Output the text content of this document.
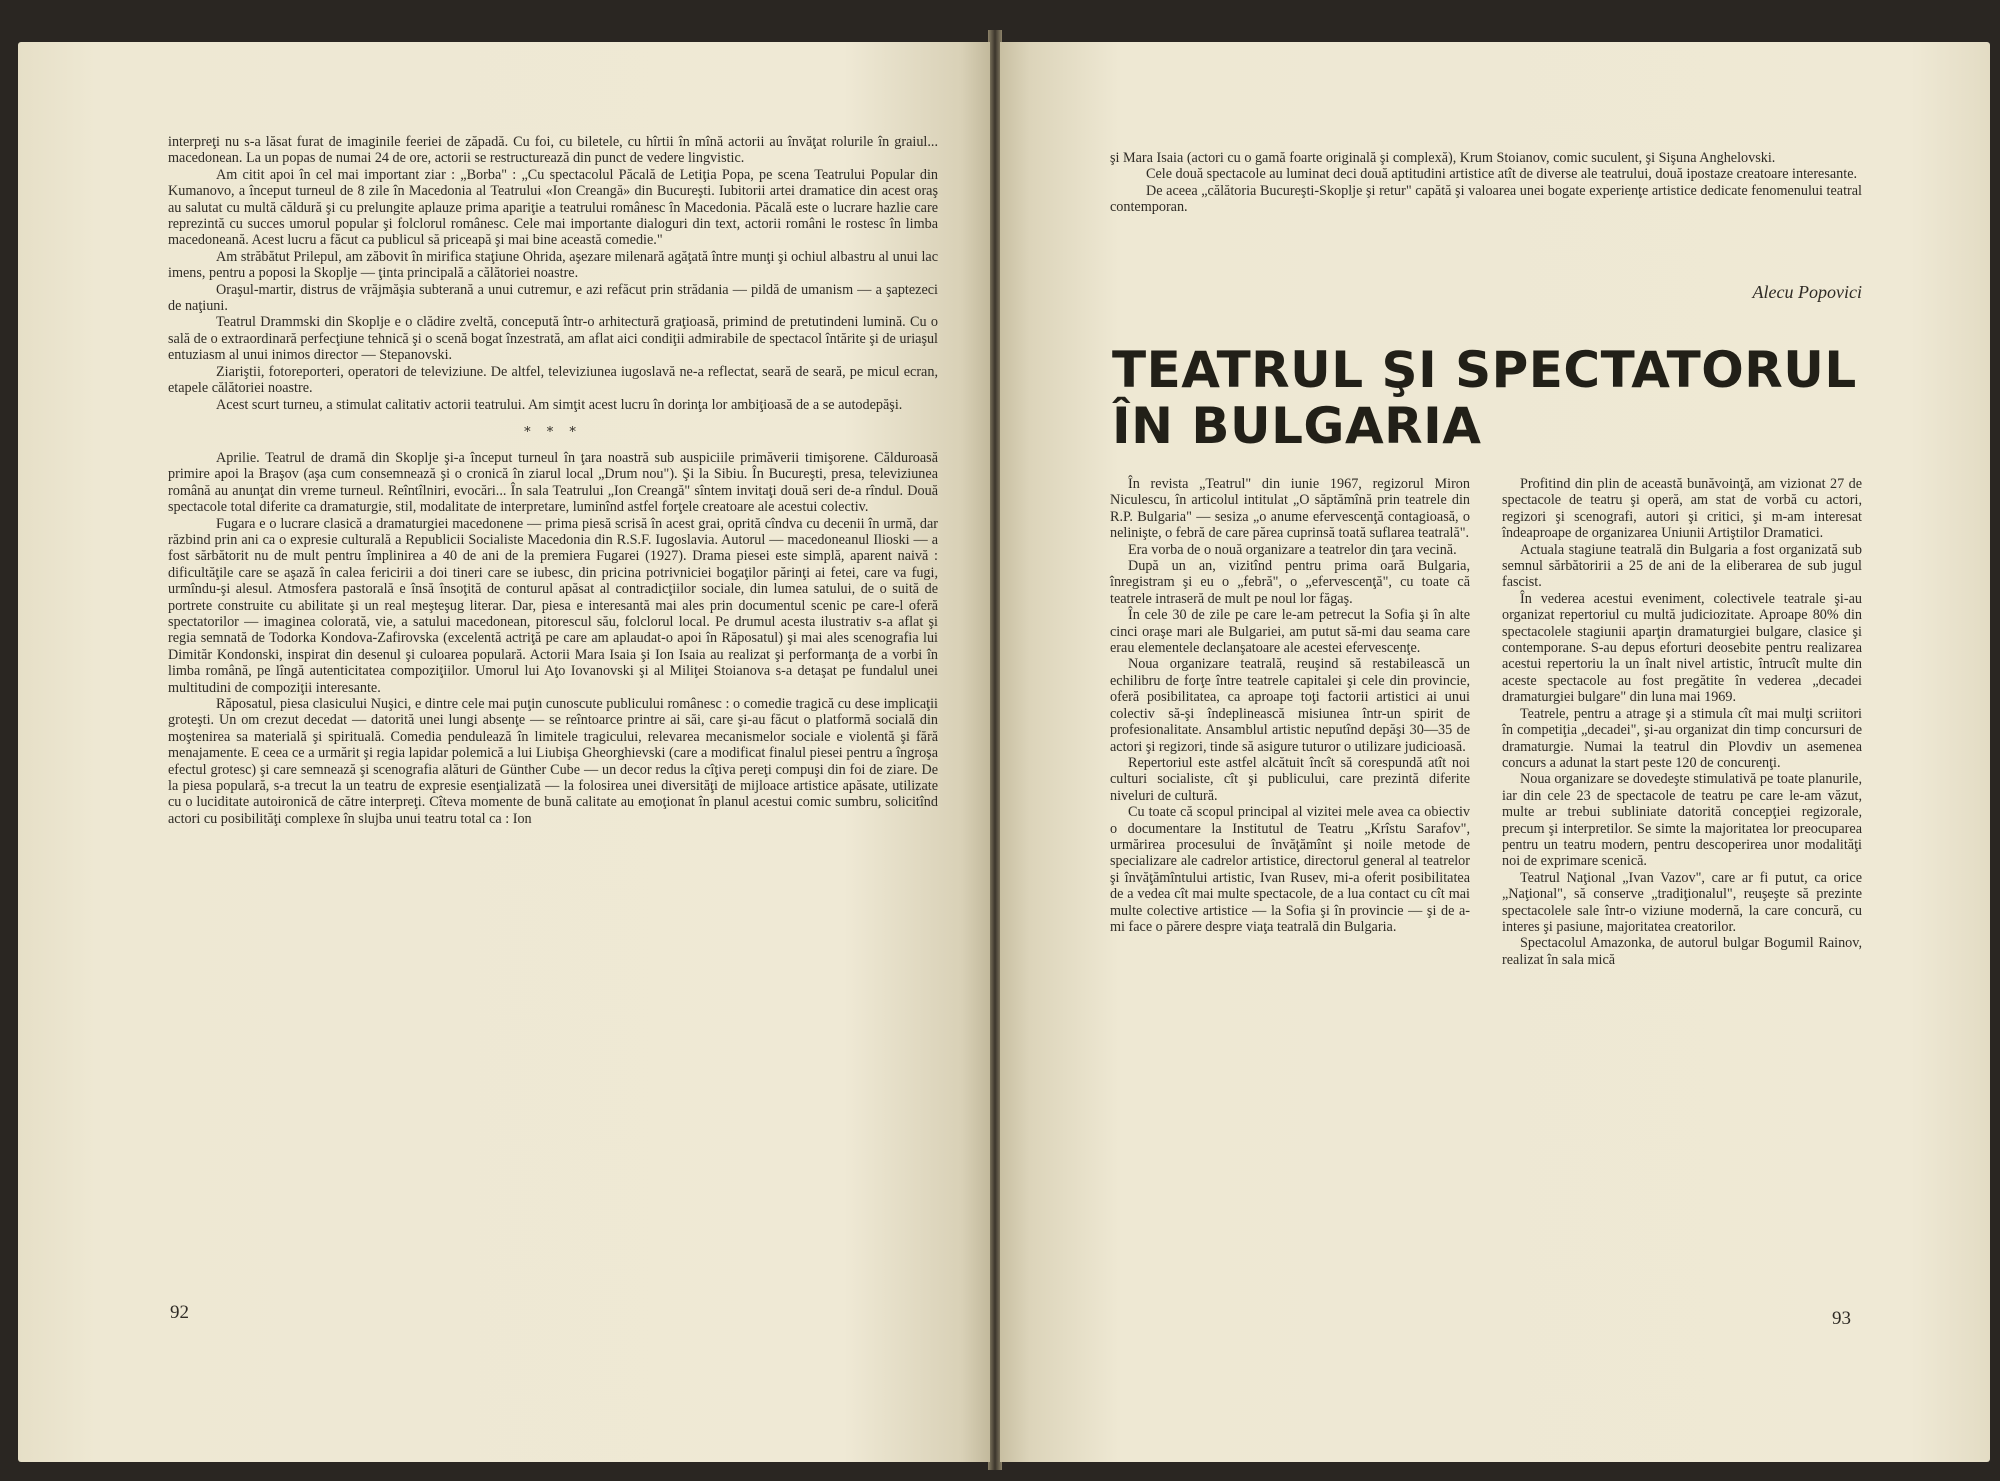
interpreţi nu s-a lăsat furat de imaginile feeriei de zăpadă. Cu foi, cu biletele, cu hîrtii în mînă actorii au învăţat rolurile în graiul... macedonean. La un popas de numai 24 de ore, actorii se restructurează din punct de vedere lingvistic.

Am citit apoi în cel mai important ziar : „Borba" : „Cu spectacolul Păcală de Letiţia Popa, pe scena Teatrului Popular din Kumanovo, a început turneul de 8 zile în Macedonia al Teatrului «Ion Creangă» din Bucureşti. Iubitorii artei dramatice din acest oraş au salutat cu multă căldură şi cu prelungite aplauze prima apariţie a teatrului românesc în Macedonia. Păcală este o lucrare hazlie care reprezintă cu succes umorul popular şi folclorul românesc. Cele mai importante dialoguri din text, actorii români le rostesc în limba macedoneană. Acest lucru a făcut ca publicul să priceapă şi mai bine această comedie."

Am străbătut Prilepul, am zăbovit în mirifica staţiune Ohrida, aşezare milenară agăţată între munţi şi ochiul albastru al unui lac imens, pentru a poposi la Skoplje — ţinta principală a călătoriei noastre.

Oraşul-martir, distrus de vrăjmăşia subterană a unui cutremur, e azi refăcut prin strădania — pildă de umanism — a şaptezeci de naţiuni.

Teatrul Drammski din Skoplje e o clădire zveltă, concepută într-o arhitectură graţioasă, primind de pretutindeni lumină. Cu o sală de o extraordinară perfecţiune tehnică şi o scenă bogat înzestrată, am aflat aici condiţii admirabile de spectacol întărite şi de uriaşul entuziasm al unui inimos director — Stepanovski.

Ziariştii, fotoreporteri, operatori de televiziune. De altfel, televiziunea iugoslavă ne-a reflectat, seară de seară, pe micul ecran, etapele călătoriei noastre.

Acest scurt turneu, a stimulat calitativ actorii teatrului. Am simţit acest lucru în dorinţa lor ambiţioasă de a se autodepăşi.

* * *

Aprilie. Teatrul de dramă din Skoplje şi-a început turneul în ţara noastră sub auspiciile primăverii timişorene. Călduroasă primire apoi la Braşov (aşa cum consemnează şi o cronică în ziarul local „Drum nou"). Şi la Sibiu. În Bucureşti, presa, televiziunea română au anunţat din vreme turneul. Reîntîlniri, evocări... În sala Teatrului „Ion Creangă" sîntem invitaţi două seri de-a rîndul. Două spectacole total diferite ca dramaturgie, stil, modalitate de interpretare, luminînd astfel forţele creatoare ale acestui colectiv.

Fugara e o lucrare clasică a dramaturgiei macedonene — prima piesă scrisă în acest grai, oprită cîndva cu decenii în urmă, dar răzbind prin ani ca o expresie culturală a Republicii Socialiste Macedonia din R.S.F. Iugoslavia. Autorul — macedoneanul Ilioski — a fost sărbătorit nu de mult pentru împlinirea a 40 de ani de la premiera Fugarei (1927). Drama piesei este simplă, aparent naivă : dificultăţile care se aşază în calea fericirii a doi tineri care se iubesc, din pricina potrivniciei bogaţilor părinţi ai fetei, care va fugi, urmîndu-şi alesul. Atmosfera pastorală e însă însoţită de conturul apăsat al contradicţiilor sociale, din lumea satului, de o suită de portrete construite cu abilitate şi un real meşteşug literar. Dar, piesa e interesantă mai ales prin documentul scenic pe care-l oferă spectatorilor — imaginea colorată, vie, a satului macedonean, pitorescul său, folclorul local. Pe drumul acesta ilustrativ s-a aflat şi regia semnată de Todorka Kondova-Zafirovska (excelentă actriţă pe care am aplaudat-o apoi în Răposatul) şi mai ales scenografia lui Dimităr Kondonski, inspirat din desenul şi culoarea populară. Actorii Mara Isaia şi Ion Isaia au realizat şi performanţa de a vorbi în limba română, pe lîngă autenticitatea compoziţiilor. Umorul lui Aţo Iovanovski şi al Miliţei Stoianova s-a detaşat pe fundalul unei multitudini de compoziţii interesante.

Răposatul, piesa clasicului Nuşici, e dintre cele mai puţin cunoscute publicului românesc : o comedie tragică cu dese implicaţii groteşti. Un om crezut decedat — datorită unei lungi absenţe — se reîntoarce printre ai săi, care şi-au făcut o platformă socială din moştenirea sa materială şi spirituală. Comedia pendulează în limitele tragicului, relevarea mecanismelor sociale e violentă şi fără menajamente. E ceea ce a urmărit şi regia lapidar polemică a lui Liubişa Gheorghievski (care a modificat finalul piesei pentru a îngroşa efectul grotesc) şi care semnează şi scenografia alături de Günther Cube — un decor redus la cîţiva pereţi compuşi din foi de ziare. De la piesa populară, s-a trecut la un teatru de expresie esenţializată — la folosirea unei diversităţi de mijloace artistice apăsate, utilizate cu o luciditate autoironică de către interpreţi. Cîteva momente de bună calitate au emoţionat în planul acestui comic sumbru, solicitînd actori cu posibilităţi complexe în slujba unui teatru total ca : Ion

92

şi Mara Isaia (actori cu o gamă foarte originală şi complexă), Krum Stoianov, comic suculent, şi Sişuna Anghelovski.

Cele două spectacole au luminat deci două aptitudini artistice atît de diverse ale teatrului, două ipostaze creatoare interesante.

De aceea „călătoria Bucureşti-Skoplje şi retur" capătă şi valoarea unei bogate experienţe artistice dedicate fenomenului teatral contemporan.

Alecu Popovici
TEATRUL ŞI SPECTATORUL
ÎN BULGARIA

În revista „Teatrul" din iunie 1967, regizorul Miron Niculescu, în articolul intitulat „O săptămînă prin teatrele din R.P. Bulgaria" — sesiza „o anume efervescenţă contagioasă, o nelinişte, o febră de care părea cuprinsă toată suflarea teatrală".

Era vorba de o nouă organizare a teatrelor din ţara vecină.

După un an, vizitînd pentru prima oară Bulgaria, înregistram şi eu o „febră", o „efervescenţă", cu toate că teatrele intraseră de mult pe noul lor făgaş.

În cele 30 de zile pe care le-am petrecut la Sofia şi în alte cinci oraşe mari ale Bulgariei, am putut să-mi dau seama care erau elementele declanşatoare ale acestei efervescenţe.

Noua organizare teatrală, reuşind să restabilească un echilibru de forţe între teatrele capitalei şi cele din provincie, oferă posibilitatea, ca aproape toţi factorii artistici ai unui colectiv să-şi îndeplinească misiunea într-un spirit de profesionalitate. Ansamblul artistic neputînd depăşi 30—35 de actori şi regizori, tinde să asigure tuturor o utilizare judicioasă.

Repertoriul este astfel alcătuit încît să corespundă atît noi culturi socialiste, cît şi publicului, care prezintă diferite niveluri de cultură.

Cu toate că scopul principal al vizitei mele avea ca obiectiv o documentare la Institutul de Teatru „Krîstu Sarafov", urmărirea procesului de învăţămînt şi noile metode de specializare ale cadrelor artistice, directorul general al teatrelor şi învăţămîntului artistic, Ivan Rusev, mi-a oferit posibilitatea de a vedea cît mai multe spectacole, de a lua contact cu cît mai multe colective artistice — la Sofia şi în provincie — şi de a-mi face o părere despre viaţa teatrală din Bulgaria.

Profitind din plin de această bunăvoinţă, am vizionat 27 de spectacole de teatru şi operă, am stat de vorbă cu actori, regizori şi scenografi, autori şi critici, şi m-am interesat îndeaproape de organizarea Uniunii Artiştilor Dramatici.

Actuala stagiune teatrală din Bulgaria a fost organizată sub semnul sărbătoririi a 25 de ani de la eliberarea de sub jugul fascist.

În vederea acestui eveniment, colectivele teatrale şi-au organizat repertoriul cu multă judiciozitate. Aproape 80% din spectacolele stagiunii aparţin dramaturgiei bulgare, clasice şi contemporane. S-au depus eforturi deosebite pentru realizarea acestui repertoriu la un înalt nivel artistic, întrucît multe din aceste spectacole au fost pregătite în vederea „decadei dramaturgiei bulgare" din luna mai 1969.

Teatrele, pentru a atrage şi a stimula cît mai mulţi scriitori în competiţia „decadei", şi-au organizat din timp concursuri de dramaturgie. Numai la teatrul din Plovdiv un asemenea concurs a adunat la start peste 120 de concurenţi.

Noua organizare se dovedeşte stimulativă pe toate planurile, iar din cele 23 de spectacole de teatru pe care le-am văzut, multe ar trebui subliniate datorită concepţiei regizorale, precum şi interpretilor. Se simte la majoritatea lor preocuparea pentru un teatru modern, pentru descoperirea unor modalităţi noi de exprimare scenică.

Teatrul Naţional „Ivan Vazov", care ar fi putut, ca orice „Naţional", să conserve „tradiţionalul", reuşeşte să prezinte spectacolele sale într-o viziune modernă, la care concură, cu interes şi pasiune, majoritatea creatorilor.

Spectacolul Amazonka, de autorul bulgar Bogumil Rainov, realizat în sala mică

93
